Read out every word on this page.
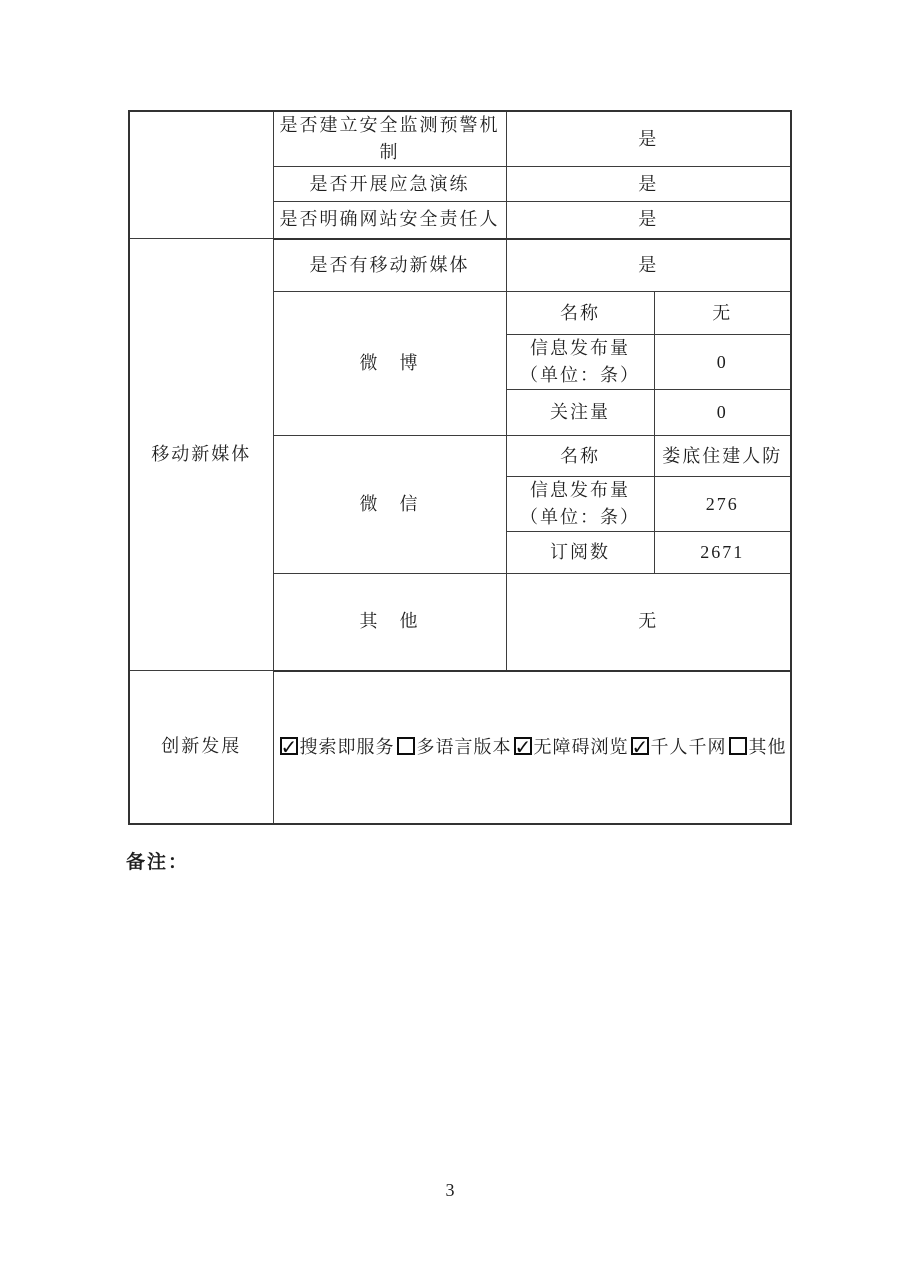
	是否建立安全监测预警机制	是	
	是否开展应急演练	是	
	是否明确网站安全责任人	是	
移动新媒体	是否有移动新媒体	是	
	微　博	名称	无

		信息发布量
（单位：条）	0
		关注量	0
	微　信	名称	娄底住建人防

		信息发布量
（单位：条）	276
		订阅数	2671
	其　他	无	
创新发展	✓搜索即服务 多语言版本 ✓ 无障碍浏览 ✓ 千人千网 其他
备注：
3
